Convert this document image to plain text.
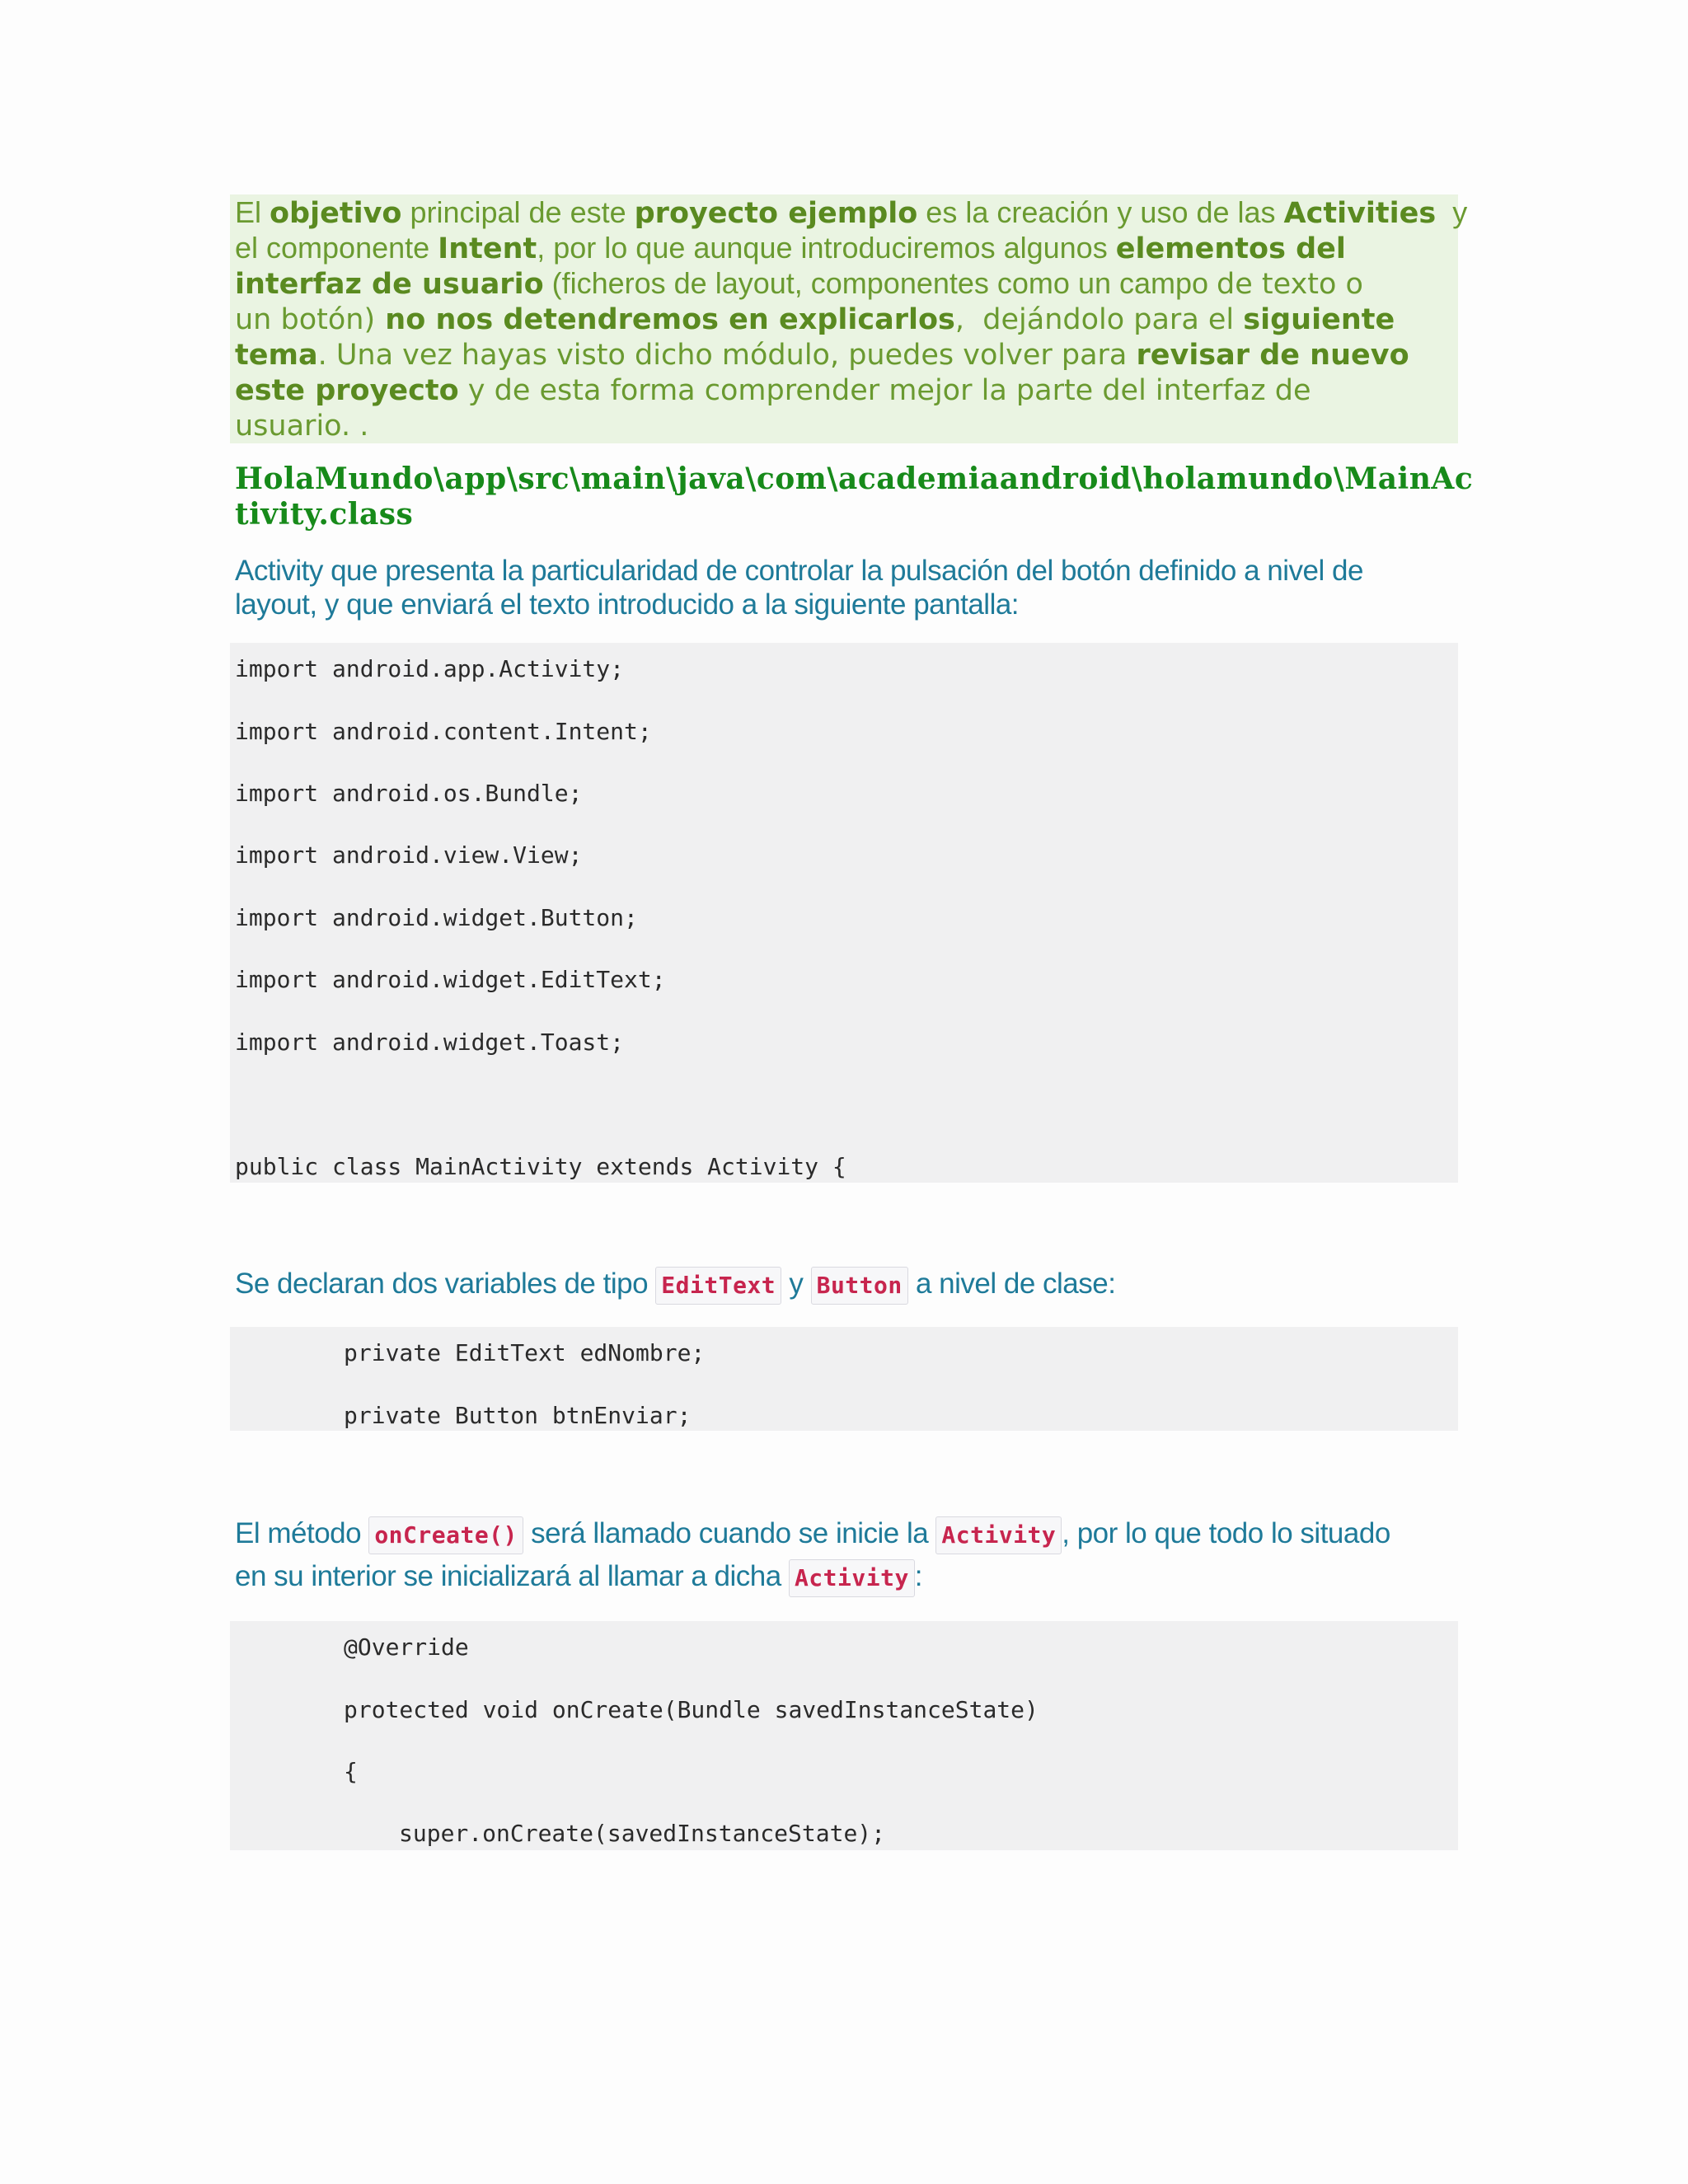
El objetivo principal de este proyecto ejemplo es la creación y uso de las Activities  y
el componente Intent, por lo que aunque introduciremos algunos elementos del
interfaz de usuario (ficheros de layout, componentes como un campo de texto o
un botón) no nos detendremos en explicarlos,  dejándolo para el siguiente
tema. Una vez hayas visto dicho módulo, puedes volver para revisar de nuevo
este proyecto y de esta forma comprender mejor la parte del interfaz de
usuario. .
HolaMundo\app\src\main\java\com\academiaandroid\holamundo\MainAc
tivity.class
Activity que presenta la particularidad de controlar la pulsación del botón definido a nivel de
layout, y que enviará el texto introducido a la siguiente pantalla:
import android.app.Activity;
import android.content.Intent;
import android.os.Bundle;
import android.view.View;
import android.widget.Button;
import android.widget.EditText;
import android.widget.Toast;
public class MainActivity extends Activity {
Se declaran dos variables de tipo EditText y Button a nivel de clase:
private EditText edNombre;
private Button btnEnviar;
El método onCreate() será llamado cuando se inicie la Activity , por lo que todo lo situado
en su interior se inicializará al llamar a dicha Activity :
@Override
protected void onCreate(Bundle savedInstanceState)
{
super.onCreate(savedInstanceState);
